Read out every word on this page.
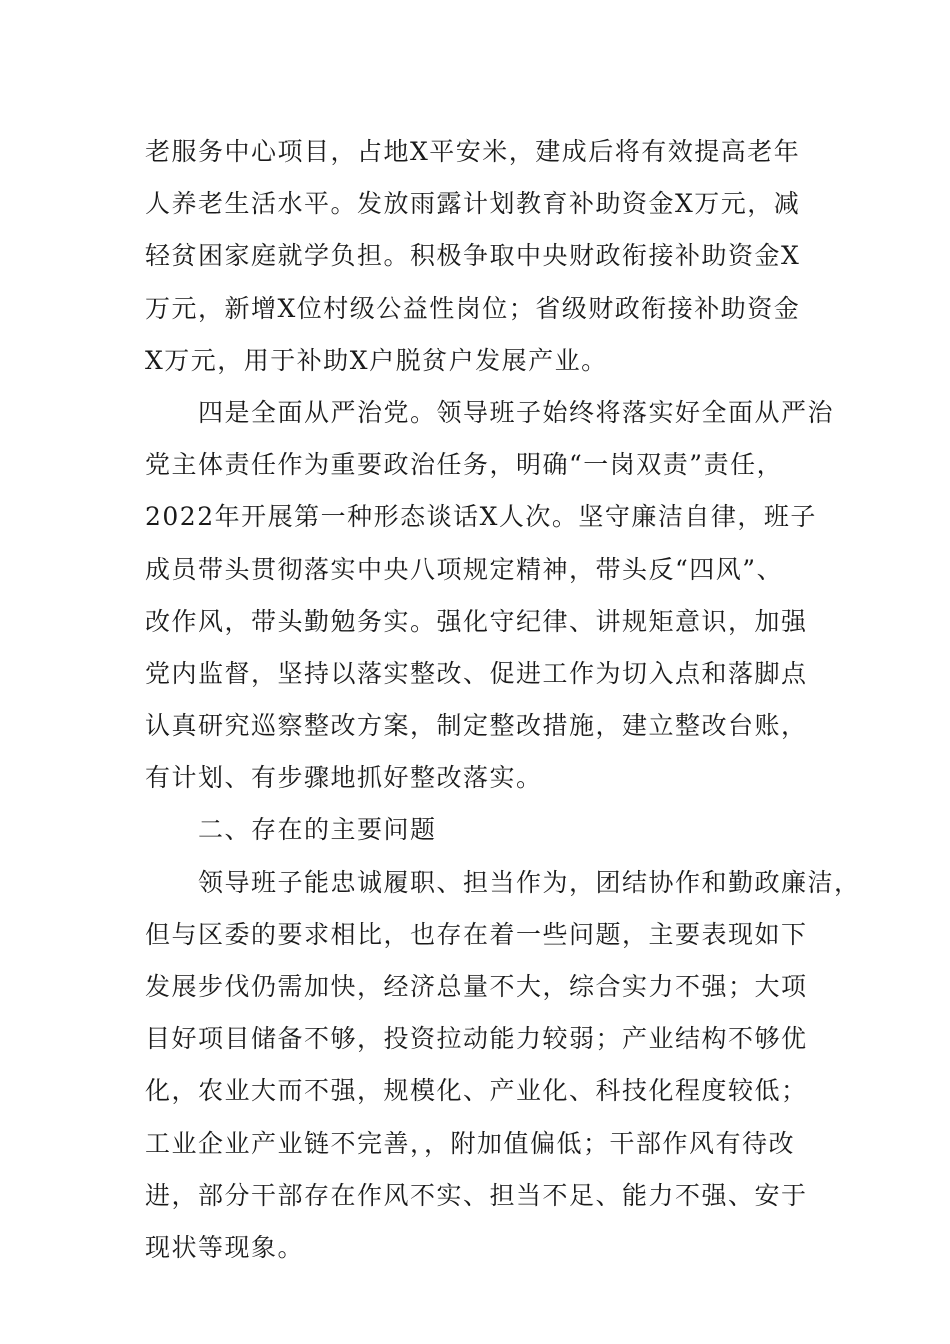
老服务中心项目，占地X平安米，建成后将有效提高老年
人养老生活水平。发放雨露计划教育补助资金X万元，减
轻贫困家庭就学负担。积极争取中央财政衔接补助资金X
万元，新增X位村级公益性岗位；省级财政衔接补助资金
X万元，用于补助X户脱贫户发展产业。
　　四是全面从严治党。领导班子始终将落实好全面从严治
党主体责任作为重要政治任务，明确“一岗双责”责任，
2022年开展第一种形态谈话X人次。坚守廉洁自律，班子
成员带头贯彻落实中央八项规定精神，带头反“四风”、
改作风，带头勤勉务实。强化守纪律、讲规矩意识，加强
党内监督，坚持以落实整改、促进工作为切入点和落脚点
认真研究巡察整改方案，制定整改措施，建立整改台账，
有计划、有步骤地抓好整改落实。
　　二、存在的主要问题
　　领导班子能忠诚履职、担当作为，团结协作和勤政廉洁，
但与区委的要求相比，也存在着一些问题，主要表现如下
发展步伐仍需加快，经济总量不大，综合实力不强；大项
目好项目储备不够，投资拉动能力较弱；产业结构不够优
化，农业大而不强，规模化、产业化、科技化程度较低；
工业企业产业链不完善，，附加值偏低；干部作风有待改
进，部分干部存在作风不实、担当不足、能力不强、安于
现状等现象。
